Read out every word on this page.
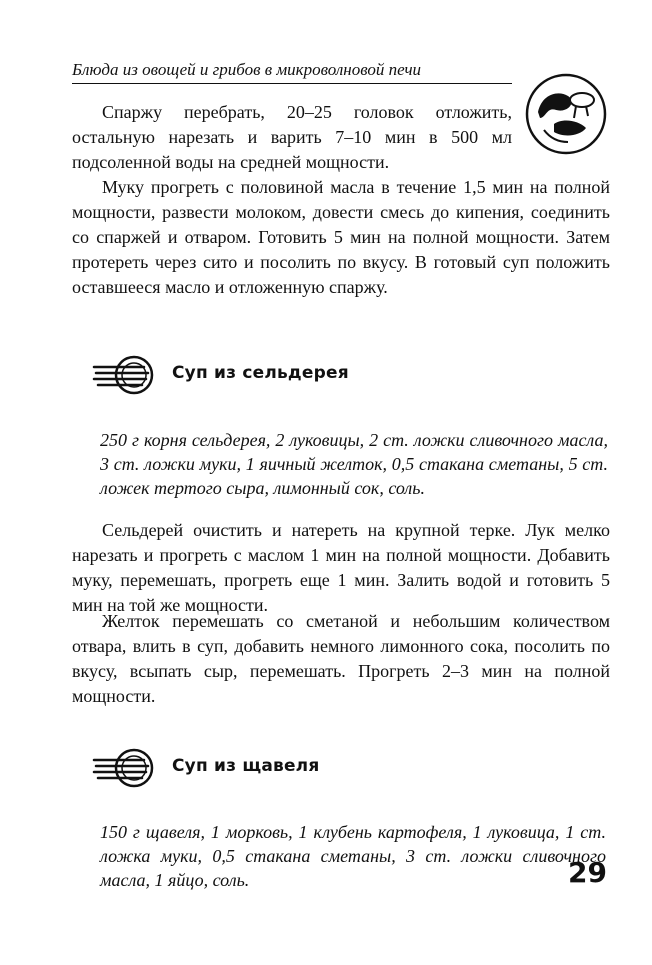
Блюда из овощей и грибов в микроволновой печи

Спаржу перебрать, 20–25 головок отложить, остальную нарезать и варить 7–10 мин в 500 мл подсоленной воды на средней мощности.

Муку прогреть с половиной масла в течение 1,5 мин на полной мощности, развести молоком, довести смесь до кипения, соединить со спаржей и отваром. Готовить 5 мин на полной мощности. Затем протереть через сито и посолить по вкусу. В готовый суп положить оставшееся масло и отложенную спаржу.

Суп из сельдерея

250 г корня сельдерея, 2 луковицы, 2 ст. ложки сливочного масла, 3 ст. ложки муки, 1 яичный желток, 0,5 стакана сметаны, 5 ст. ложек тертого сыра, лимонный сок, соль.

Сельдерей очистить и натереть на крупной терке. Лук мелко нарезать и прогреть с маслом 1 мин на полной мощности. Добавить муку, перемешать, прогреть еще 1 мин. Залить водой и готовить 5 мин на той же мощности.

Желток перемешать со сметаной и небольшим количеством отвара, влить в суп, добавить немного лимонного сока, посолить по вкусу, всыпать сыр, перемешать. Прогреть 2–3 мин на полной мощности.

Суп из щавеля

150 г щавеля, 1 морковь, 1 клубень картофеля, 1 луковица, 1 ст. ложка муки, 0,5 стакана сметаны, 3 ст. ложки сливочного масла, 1 яйцо, соль.	29
